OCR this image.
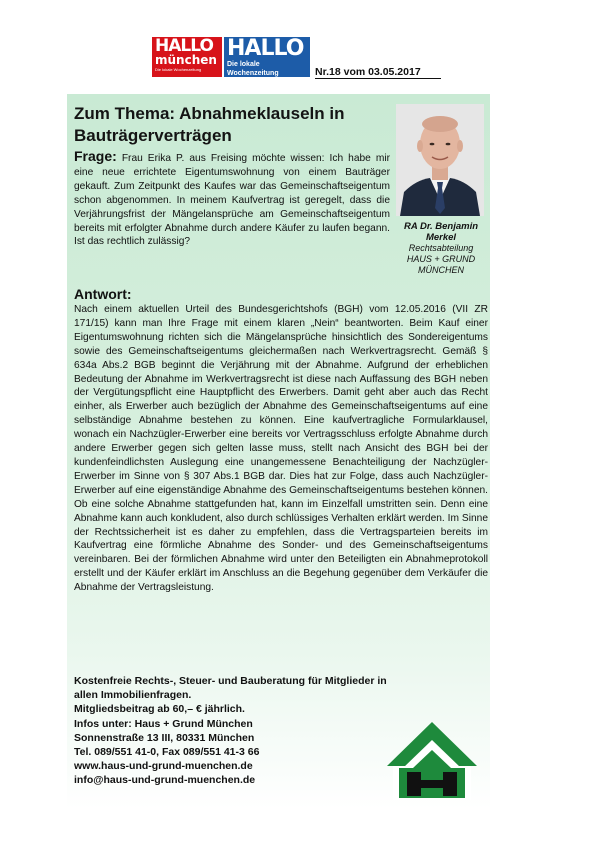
HALLO
münchen
Die lokale Wochenzeitung
HALLO
Die lokale Wochenzeitung	Nr.18 vom 03.05.2017
Zum Thema: Abnahmeklauseln in
Bauträgerverträgen
RA Dr. Benjamin
Merkel
Rechtsabteilung
HAUS + GRUND
MÜNCHEN
Frage: Frau Erika P. aus Freising möchte wissen: Ich habe mir eine neue errichtete Eigentumswohnung von einem Bauträger gekauft. Zum Zeitpunkt des Kaufes war das Gemeinschaftseigentum schon abgenommen. In meinem Kaufvertrag ist geregelt, dass die Verjährungsfrist der Mängelansprüche am Gemeinschaftseigentum bereits mit erfolgter Abnahme durch andere Käufer zu laufen begann. Ist das rechtlich zulässig?
Antwort:
Nach einem aktuellen Urteil des Bundesgerichtshofs (BGH) vom 12.05.2016 (VII ZR 171/15) kann man Ihre Frage mit einem klaren „Nein“ beantworten. Beim Kauf einer Eigentumswohnung richten sich die Mängelansprüche hinsichtlich des Sondereigentums sowie des Gemeinschaftseigentums gleichermaßen nach Werkvertragsrecht. Gemäß § 634a Abs.2 BGB beginnt die Verjährung mit der Abnahme. Aufgrund der erheblichen Bedeutung der Abnahme im Werkvertragsrecht ist diese nach Auffassung des BGH neben der Vergütungspflicht eine Hauptpflicht des Erwerbers. Damit geht aber auch das Recht einher, als Erwerber auch bezüglich der Abnahme des Gemeinschaftseigentums auf eine selbständige Abnahme bestehen zu können. Eine kaufvertragliche Formularklausel, wonach ein Nachzügler-Erwerber eine bereits vor Vertragsschluss erfolgte Abnahme durch andere Erwerber gegen sich gelten lasse muss, stellt nach Ansicht des BGH bei der kundenfeindlichsten Auslegung eine unangemessene Benachteiligung der Nachzügler-Erwerber im Sinne von § 307 Abs.1 BGB dar. Dies hat zur Folge, dass auch Nachzügler-Erwerber auf eine eigenständige Abnahme des Gemeinschaftseigentums bestehen können. Ob eine solche Abnahme stattgefunden hat, kann im Einzelfall umstritten sein. Denn eine Abnahme kann auch konkludent, also durch schlüssiges Verhalten erklärt werden. Im Sinne der Rechtssicherheit ist es daher zu empfehlen, dass die Vertragsparteien bereits im Kaufvertrag eine förmliche Abnahme des Sonder- und des Gemeinschaftseigentums vereinbaren. Bei der förmlichen Abnahme wird unter den Beteiligten ein Abnahmeprotokoll erstellt und der Käufer erklärt im Anschluss an die Begehung gegenüber dem Verkäufer die Abnahme der Vertragsleistung.
Kostenfreie Rechts-, Steuer- und Bauberatung für Mitglieder in
allen Immobilienfragen.
Mitgliedsbeitrag ab 60,– € jährlich.
Infos unter: Haus + Grund München
Sonnenstraße 13 III, 80331 München
Tel. 089/551 41-0, Fax 089/551 41-3 66
www.haus-und-grund-muenchen.de
info@haus-und-grund-muenchen.de
